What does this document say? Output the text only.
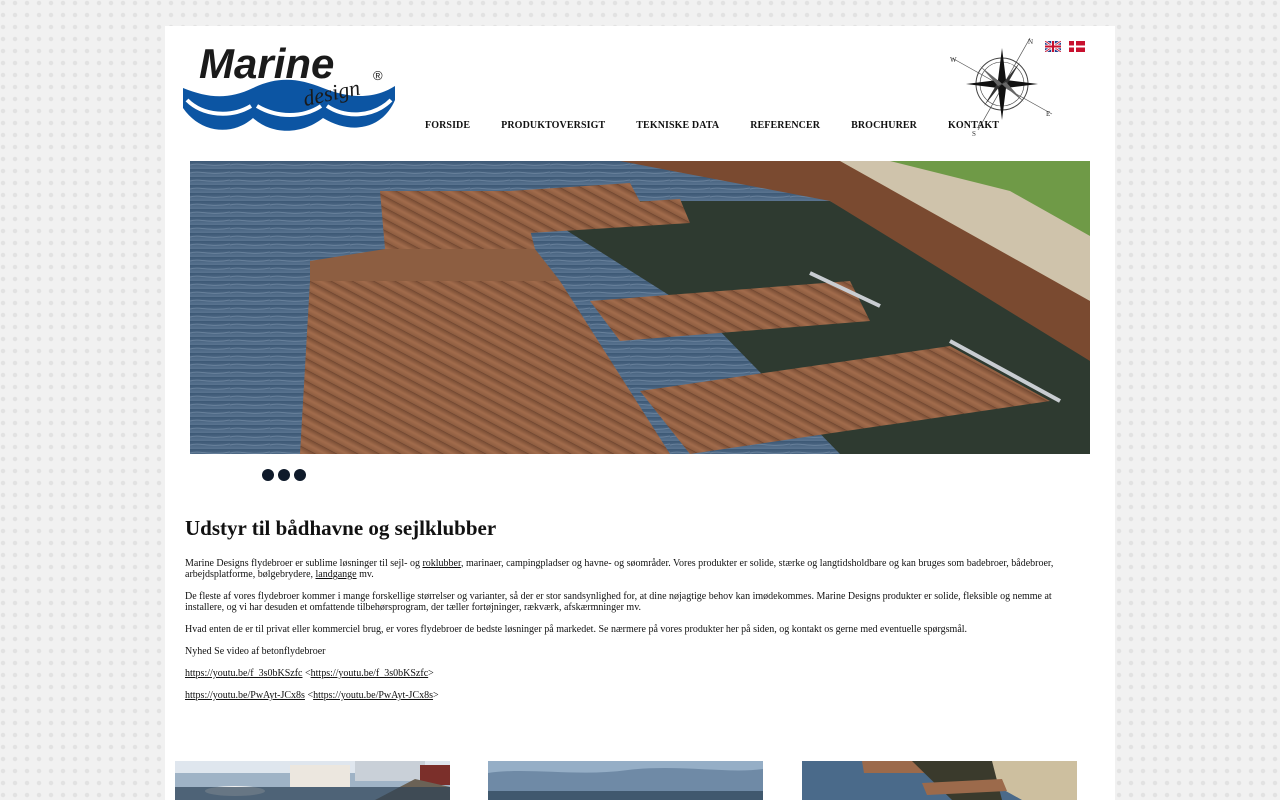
Marine	®
design
N
W
E
S
FORSIDE	PRODUKTOVERSIGT	TEKNISKE DATA	REFERENCER	BROCHURER	KONTAKT
Udstyr til bådhavne og sejlklubber

Marine Designs flydebroer er sublime løsninger til sejl- og roklubber, marinaer, campingpladser og havne- og søområder. Vores produkter er solide, stærke og langtidsholdbare og kan bruges som badebroer, bådebroer, arbejdsplatforme, bølgebrydere, landgange mv.

De fleste af vores flydebroer kommer i mange forskellige størrelser og varianter, så der er stor sandsynlighed for, at dine nøjagtige behov kan imødekommes. Marine Designs produkter er solide, fleksible og nemme at installere, og vi har desuden et omfattende tilbehørsprogram, der tæller fortøjninger, rækværk, afskærmninger mv.

Hvad enten de er til privat eller kommerciel brug, er vores flydebroer de bedste løsninger på markedet. Se nærmere på vores produkter her på siden, og kontakt os gerne med eventuelle spørgsmål.

Nyhed Se video af betonflydebroer

https://youtu.be/f_3s0bKSzfc <https://youtu.be/f_3s0bKSzfc>

https://youtu.be/PwAyt-JCx8s <https://youtu.be/PwAyt-JCx8s>
